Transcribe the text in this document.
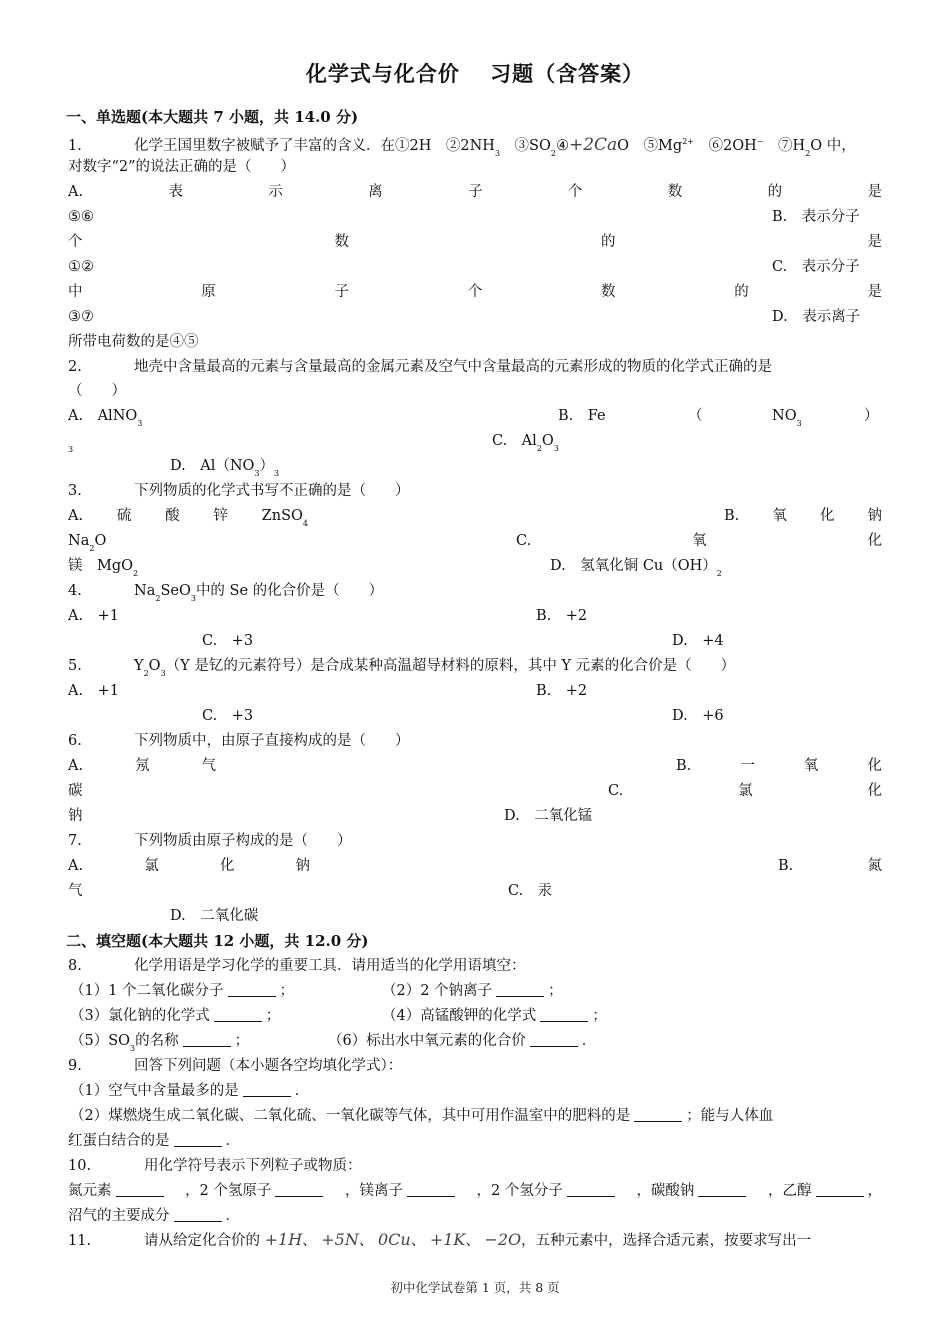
化学式与化合价　 习题（含答案）
一、单选题(本大题共 7 小题，共 14.0 分)
1.	化学王国里数字被赋予了丰富的含义．在①2H　$②2NH_3$　 $③SO_2④+2CaO$　$⑤Mg^{2+}$　 ⑥2OH−　 $⑦H_2O$ 中，
对数字“2”的说法正确的是（　　）
A.	表	示	离	子	个	数	的	是
⑤⑥	B.　表示分子
个	数	的	是
①②	C.　表示分子
中	原	子	个	数	的	是
③⑦	D.　表示离子
所带电荷数的是④⑤
2.	地壳中含量最高的元素与含量最高的金属元素及空气中含量最高的元素形成的物质的化学式正确的是
（　　）
A.　AlNO$_3$	B.　Fe	（	$NO_3$	）
3
C.　$Al_2O_3$
D.　$Al(NO_3)_3$
3.	下列物质的化学式书写不正确的是（　　）
A. 硫 酸 锌 ZnSO$_4$	B. 氧 化 钠
$Na_2O$	C.	氧	化
镁　MgO$_2$	D.　氢氧化铜 $Cu(OH)_2$
4.	$Na_2SeO_3$中的 Se 的化合价是（　　）
A.　+1	B.　+2
C.　+3	D.　+4
5.	$Y_2O_3(Y$ 是钇的元素符号）是合成某种高温超导材料的原料，其中 Y 元素的化合价是（　　）
A.　+1	B.　+2
C.　+3	D.　+6
6.	下列物质中，由原子直接构成的是（　　）
A.	氖	气	B.	一	氧	化
碳	C.	氯	化
钠	D.　二氧化锰
7.	下列物质由原子构成的是（　　）
A.	氯	化	钠	B.	氮
气	C.　汞
D.　二氧化碳
二、填空题(本大题共 12 小题，共 12.0 分)
8.	化学用语是学习化学的重要工具．请用适当的化学用语填空：
（1）1 个二氧化碳分子	；	（2）2 个钠离子	；
（3）氯化钠的化学式	；	（4）高锰酸钾的化学式	；
$(5)SO_3$的名称	；	（6）标出水中氧元素的化合价	．
9.	回答下列问题（本小题各空均填化学式）：
（1）空气中含量最多的是	．
（2）煤燃烧生成二氧化碳、二氧化硫、一氧化碳等气体，其中可用作温室中的肥料的是	；能与人体血
红蛋白结合的是	．
10.	用化学符号表示下列粒子或物质：
氮元素	，2 个氢原子	，镁离子	，2 个氢分子	，碳酸钠	，乙醇	，
沼气的主要成分	．
11.	请从给定化合价的 +1H、 +5N、 0Cu、 +1K、 −2O，五种元素中，选择合适元素，按要求写出一
初中化学试卷第 1 页，共 8 页
